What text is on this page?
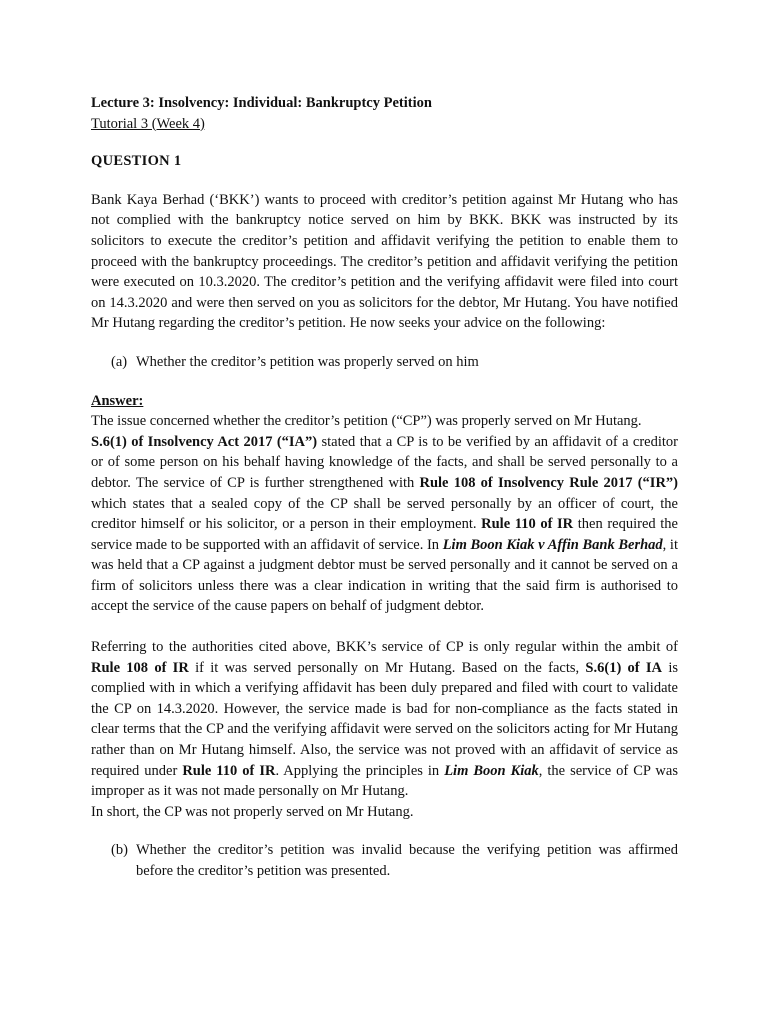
Lecture 3: Insolvency: Individual: Bankruptcy Petition

Tutorial 3 (Week 4)

QUESTION 1

Bank Kaya Berhad (‘BKK’) wants to proceed with creditor’s petition against Mr Hutang who has not complied with the bankruptcy notice served on him by BKK. BKK was instructed by its solicitors to execute the creditor’s petition and affidavit verifying the petition to enable them to proceed with the bankruptcy proceedings. The creditor’s petition and affidavit verifying the petition were executed on 10.3.2020. The creditor’s petition and the verifying affidavit were filed into court on 14.3.2020 and were then served on you as solicitors for the debtor, Mr Hutang. You have notified Mr Hutang regarding the creditor’s petition. He now seeks your advice on the following:

(a) Whether the creditor’s petition was properly served on him

Answer:

The issue concerned whether the creditor’s petition (“CP”) was properly served on Mr Hutang.

S.6(1) of Insolvency Act 2017 (“IA”) stated that a CP is to be verified by an affidavit of a creditor or of some person on his behalf having knowledge of the facts, and shall be served personally to a debtor. The service of CP is further strengthened with Rule 108 of Insolvency Rule 2017 (“IR”) which states that a sealed copy of the CP shall be served personally by an officer of court, the creditor himself or his solicitor, or a person in their employment. Rule 110 of IR then required the service made to be supported with an affidavit of service. In Lim Boon Kiak v Affin Bank Berhad, it was held that a CP against a judgment debtor must be served personally and it cannot be served on a firm of solicitors unless there was a clear indication in writing that the said firm is authorised to accept the service of the cause papers on behalf of judgment debtor.

Referring to the authorities cited above, BKK’s service of CP is only regular within the ambit of Rule 108 of IR if it was served personally on Mr Hutang. Based on the facts, S.6(1) of IA is complied with in which a verifying affidavit has been duly prepared and filed with court to validate the CP on 14.3.2020. However, the service made is bad for non-compliance as the facts stated in clear terms that the CP and the verifying affidavit were served on the solicitors acting for Mr Hutang rather than on Mr Hutang himself. Also, the service was not proved with an affidavit of service as required under Rule 110 of IR. Applying the principles in Lim Boon Kiak, the service of CP was improper as it was not made personally on Mr Hutang.

In short, the CP was not properly served on Mr Hutang.

(b) Whether the creditor’s petition was invalid because the verifying petition was affirmed before the creditor’s petition was presented.
